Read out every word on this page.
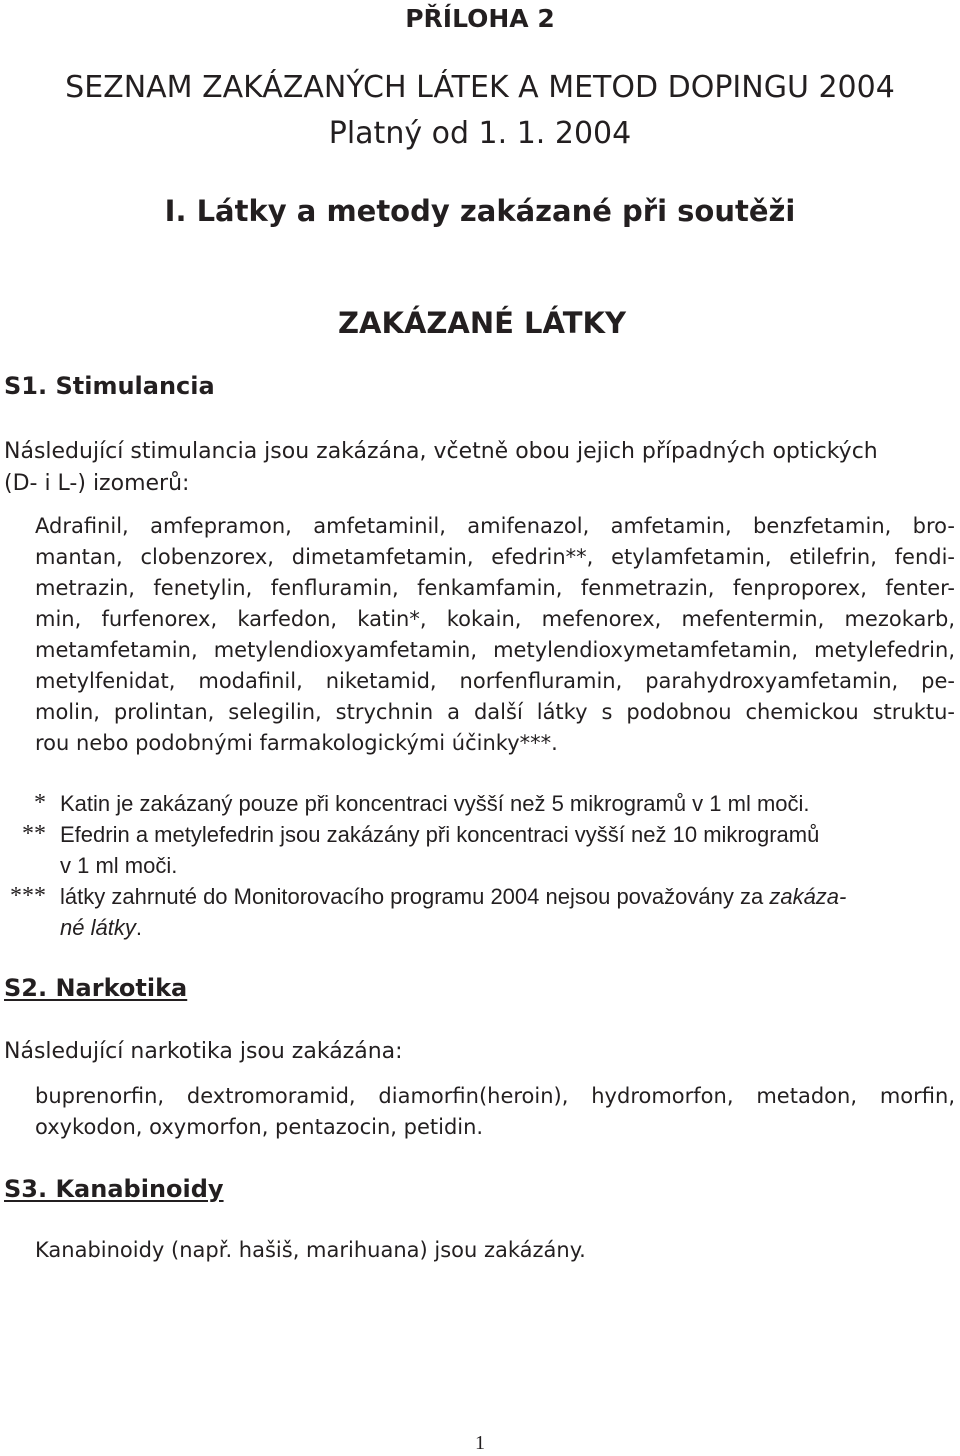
PŘÍLOHA 2
SEZNAM ZAKÁZANÝCH LÁTEK A METOD DOPINGU 2004
Platný od 1. 1. 2004
I. Látky a metody zakázané při soutěži
ZAKÁZANÉ LÁTKY
S1. Stimulancia
Následující stimulancia jsou zakázána, včetně obou jejich případných optických
(D- i L-) izomerů:
Adrafinil, amfepramon, amfetaminil, amifenazol, amfetamin, benzfetamin, bro-
mantan, clobenzorex, dimetamfetamin, efedrin**, etylamfetamin, etilefrin, fendi-
metrazin, fenetylin, fenfluramin, fenkamfamin, fenmetrazin, fenproporex, fenter-
min, furfenorex, karfedon, katin*, kokain, mefenorex, mefentermin, mezokarb,
metamfetamin, metylendioxyamfetamin, metylendioxymetamfetamin, metylefedrin,
metylfenidat, modafinil, niketamid, norfenfluramin, parahydroxyamfetamin, pe-
molin, prolintan, selegilin, strychnin a další látky s podobnou chemickou struktu-
rou nebo podobnými farmakologickými účinky***.
* Katin je zakázaný pouze při koncentraci vyšší než 5 mikrogramů v 1 ml moči.
** Efedrin a metylefedrin jsou zakázány při koncentraci vyšší než 10 mikrogramů
v 1 ml moči.
*** látky zahrnuté do Monitorovacího programu 2004 nejsou považovány za zakáza-
né látky.
S2. Narkotika
Následující narkotika jsou zakázána:
buprenorfin, dextromoramid, diamorfin(heroin), hydromorfon, metadon, morfin,
oxykodon, oxymorfon, pentazocin, petidin.
S3. Kanabinoidy
Kanabinoidy (např. hašiš, marihuana) jsou zakázány.
1
